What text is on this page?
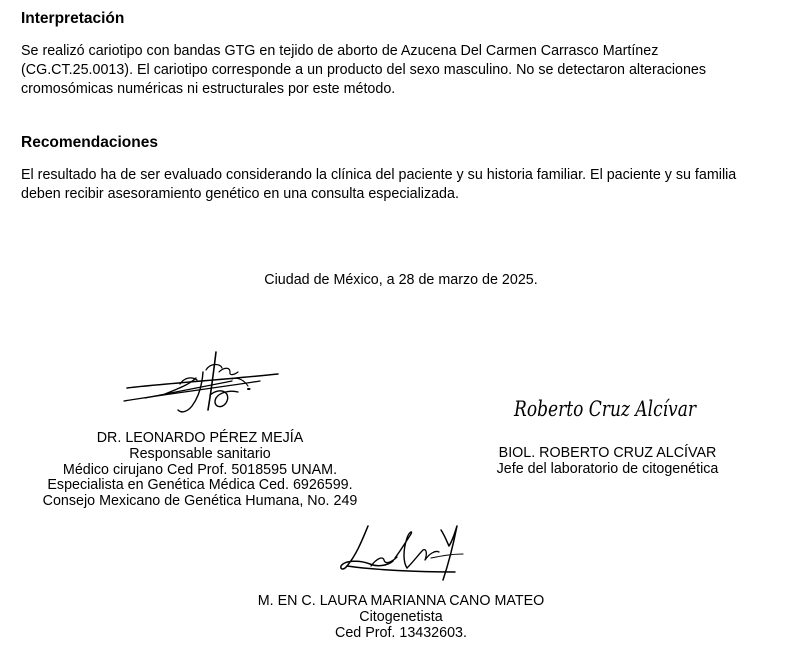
Interpretación

Se realizó cariotipo con bandas GTG en tejido de aborto de Azucena Del Carmen Carrasco Martínez

(CG.CT.25.0013). El cariotipo corresponde a un producto del sexo masculino. No se detectaron alteraciones

cromosómicas numéricas ni estructurales por este método.

Recomendaciones

El resultado ha de ser evaluado considerando la clínica del paciente y su historia familiar. El paciente y su familia

deben recibir asesoramiento genético en una consulta especializada.

Ciudad de México, a 28 de marzo de 2025.

Roberto Cruz Alcívar
DR. LEONARDO PÉREZ MEJÍA
Responsable sanitario
Médico cirujano Ced Prof. 5018595 UNAM.
Especialista en Genética Médica Ced. 6926599.
Consejo Mexicano de Genética Humana, No. 249
BIOL. ROBERTO CRUZ ALCÍVAR
Jefe del laboratorio de citogenética
M. EN C. LAURA MARIANNA CANO MATEO
Citogenetista
Ced Prof. 13432603.
